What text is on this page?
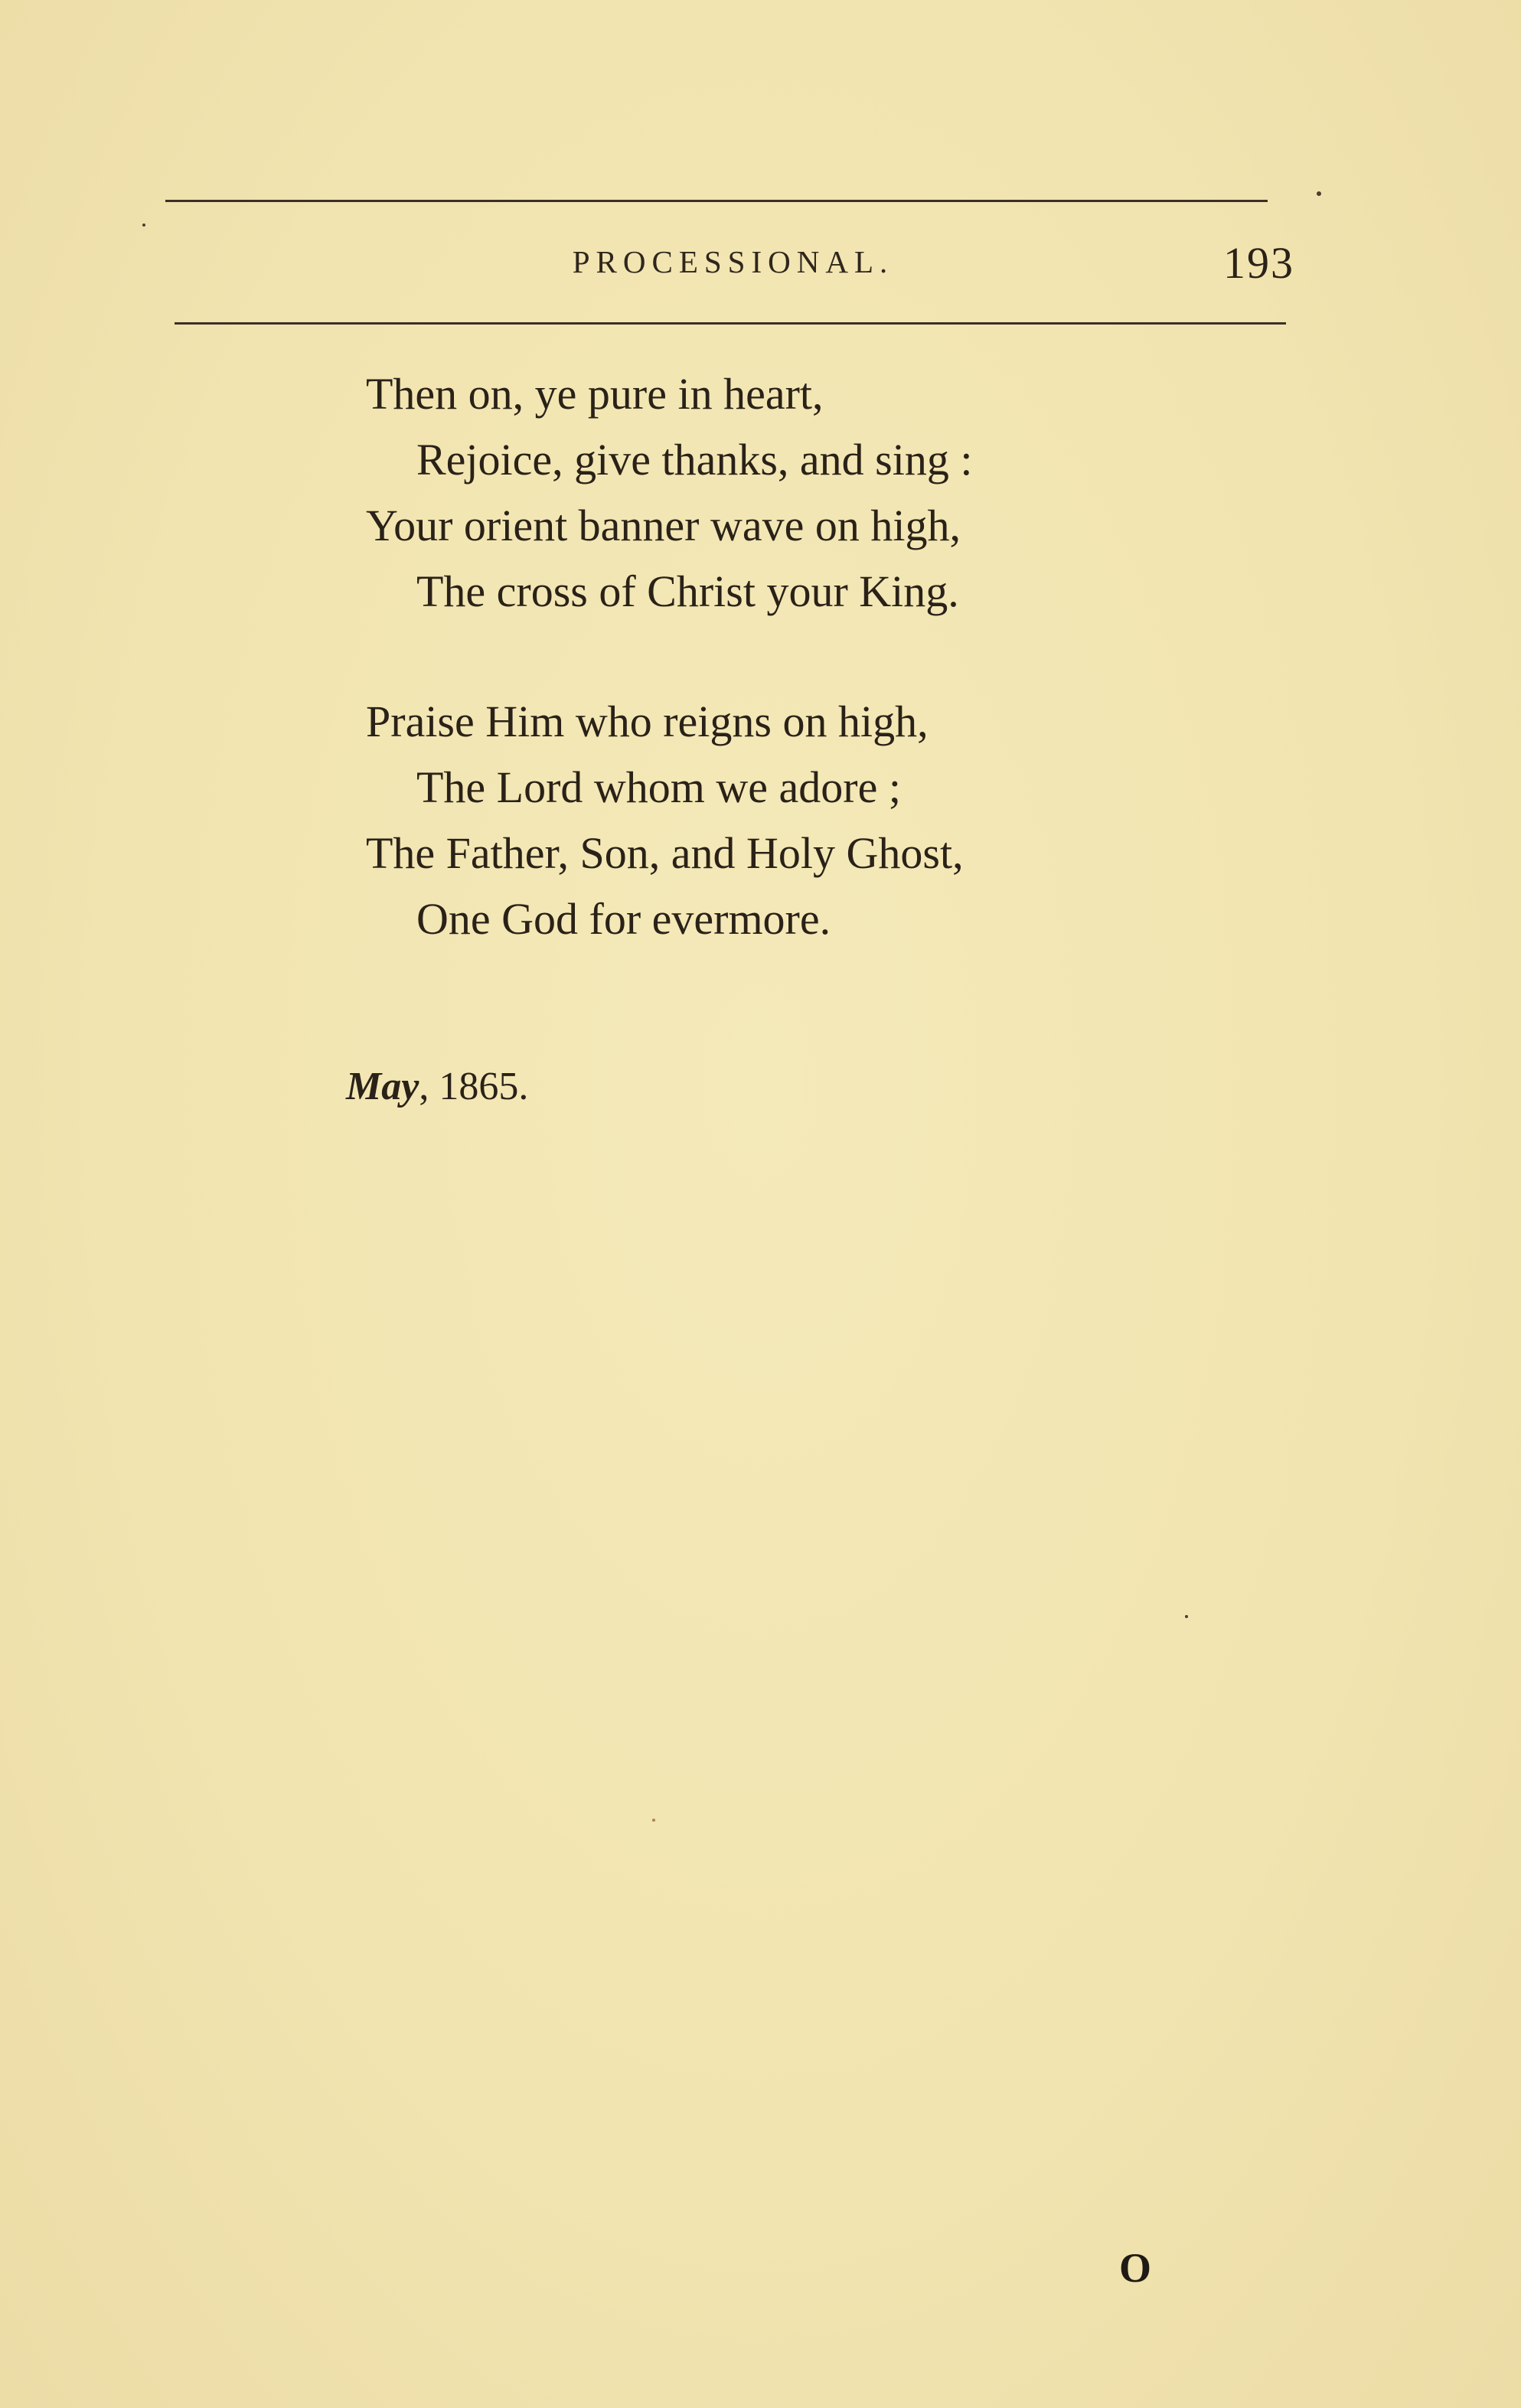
PROCESSIONAL.	193
Then on, ye pure in heart,
Rejoice, give thanks, and sing :
Your orient banner wave on high,
The cross of Christ your King.
Praise Him who reigns on high,
The Lord whom we adore ;
The Father, Son, and Holy Ghost,
One God for evermore.
May, 1865.
O
